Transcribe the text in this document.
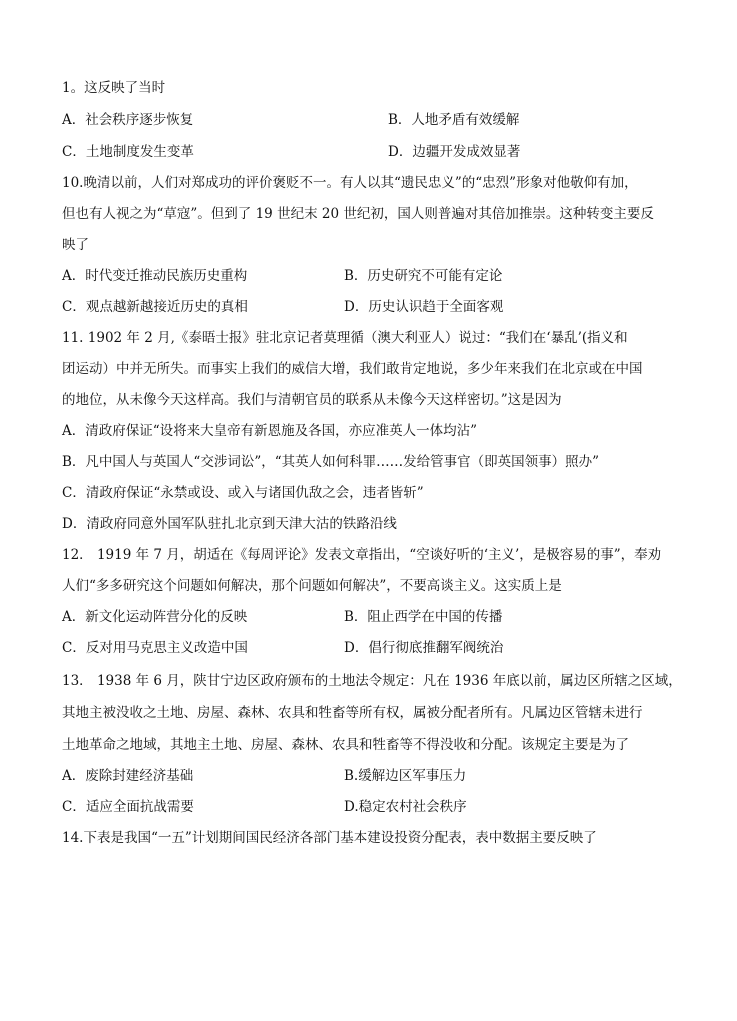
1。这反映了当时
A．社会秩序逐步恢复	B．人地矛盾有效缓解
C．土地制度发生变革	D．边疆开发成效显著
10.晚清以前，人们对郑成功的评价褒贬不一。有人以其“遗民忠义”的“忠烈”形象对他敬仰有加，
但也有人视之为“草寇”。但到了 19 世纪末 20 世纪初，国人则普遍对其倍加推崇。这种转变主要反
映了
A．时代变迁推动民族历史重构	B．历史研究不可能有定论
C．观点越新越接近历史的真相	D．历史认识趋于全面客观
11. 1902 年 2 月,《泰晤士报》驻北京记者莫理循（澳大利亚人）说过：“我们在‘暴乱’(指义和
团运动）中并无所失。而事实上我们的威信大增，我们敢肯定地说，多少年来我们在北京或在中国
的地位，从未像今天这样高。我们与清朝官员的联系从未像今天这样密切。”这是因为
A．清政府保证“设将来大皇帝有新恩施及各国，亦应准英人一体均沾”
B．凡中国人与英国人“交涉词讼”，“其英人如何科罪……发给管事官（即英国领事）照办”
C．清政府保证“永禁或设、或入与诸国仇敌之会，违者皆斩”
D．清政府同意外国军队驻扎北京到天津大沽的铁路沿线
12． 1919 年 7 月，胡适在《每周评论》发表文章指出，“空谈好听的‘主义’，是极容易的事”，奉劝
人们“多多研究这个问题如何解决，那个问题如何解决”，不要高谈主义。这实质上是
A．新文化运动阵营分化的反映	B．阻止西学在中国的传播
C．反对用马克思主义改造中国	D．倡行彻底推翻军阀统治
13． 1938 年 6 月，陕甘宁边区政府颁布的土地法令规定：凡在 1936 年底以前，属边区所辖之区域，
其地主被没收之土地、房屋、森林、农具和牲畜等所有权，属被分配者所有。凡属边区管辖未进行
土地革命之地域，其地主土地、房屋、森林、农具和牲畜等不得没收和分配。该规定主要是为了
A．废除封建经济基础	B.缓解边区军事压力
C．适应全面抗战需要	D.稳定农村社会秩序
14.下表是我国“一五”计划期间国民经济各部门基本建设投资分配表，表中数据主要反映了
